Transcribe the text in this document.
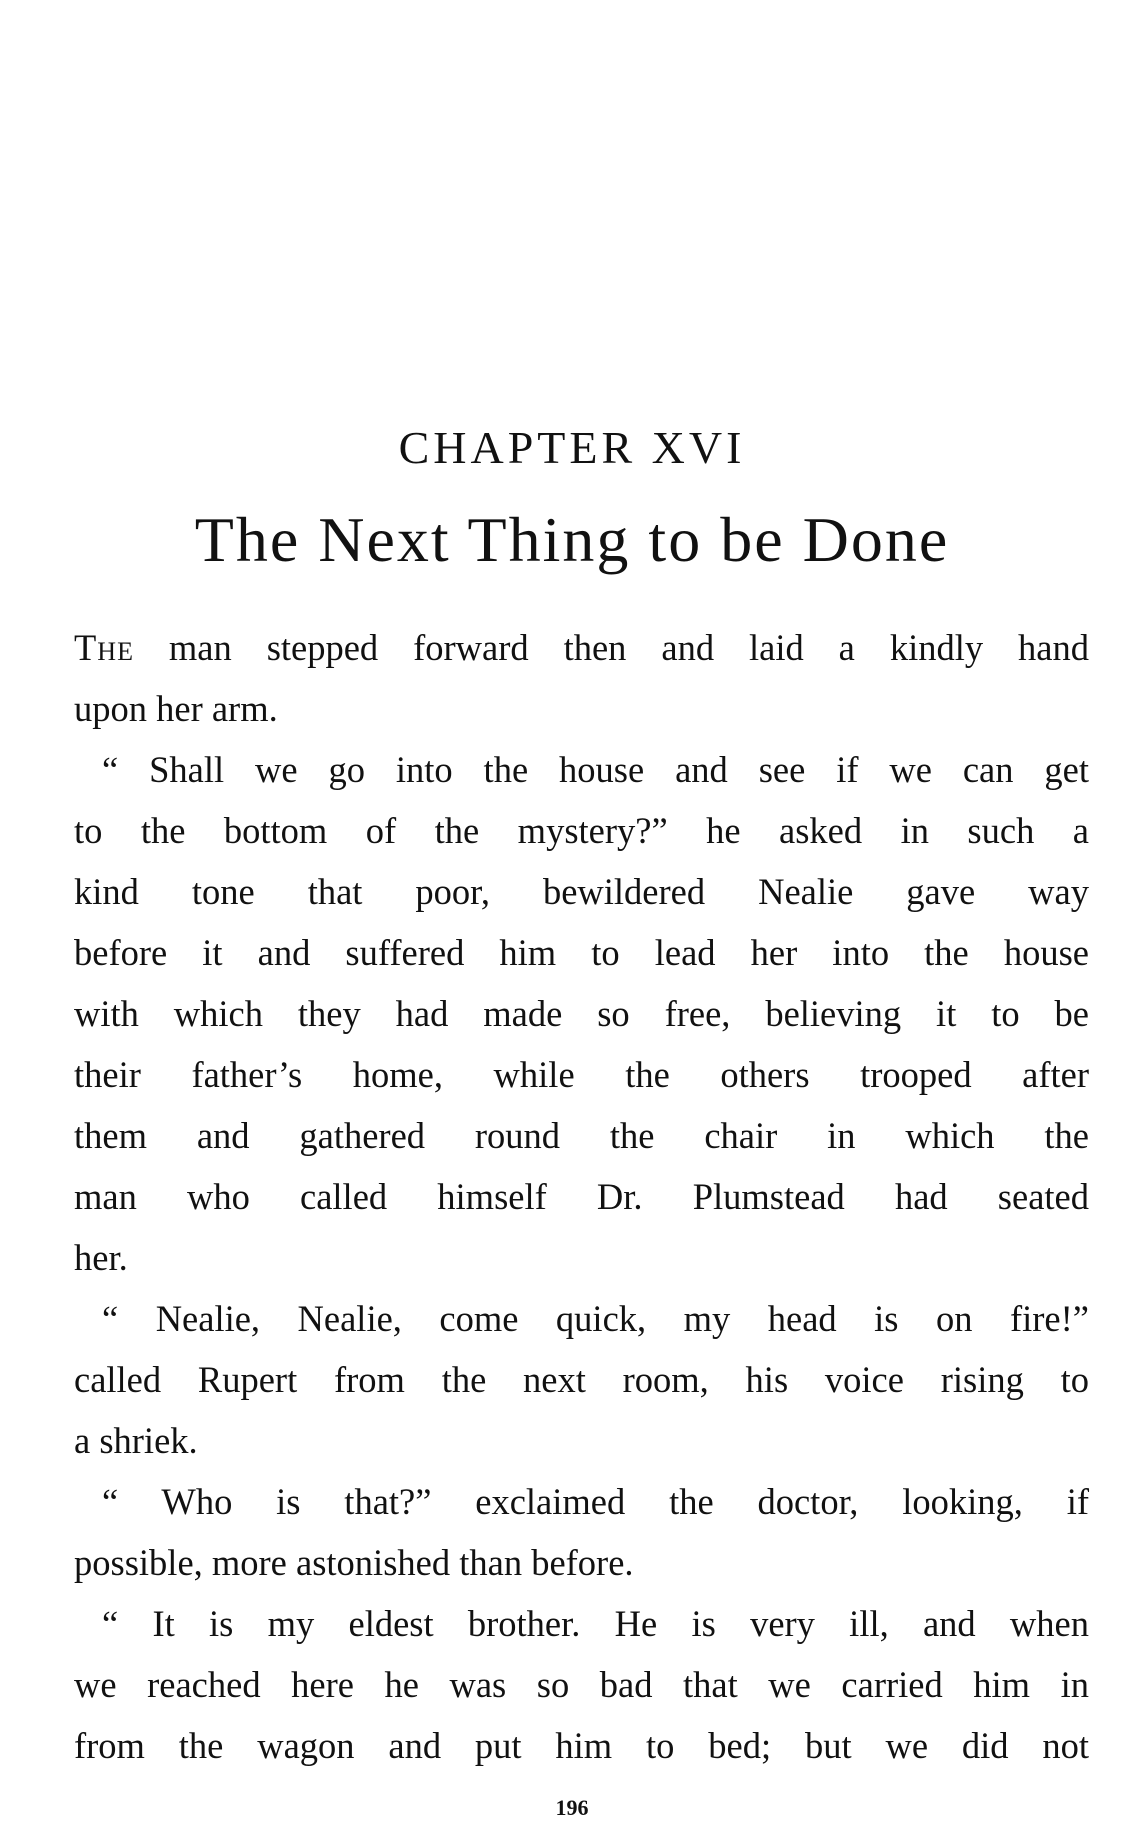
CHAPTER XVI
The Next Thing to be Done
The man stepped forward then and laid a kindly hand
upon her arm.
“ Shall we go into the house and see if we can get
to the bottom of the mystery?” he asked in such a
kind tone that poor, bewildered Nealie gave way
before it and suffered him to lead her into the house
with which they had made so free, believing it to be
their father’s home, while the others trooped after
them and gathered round the chair in which the
man who called himself Dr. Plumstead had seated
her.
“ Nealie, Nealie, come quick, my head is on fire!”
called Rupert from the next room, his voice rising to
a shriek.
“ Who is that?” exclaimed the doctor, looking, if
possible, more astonished than before.
“ It is my eldest brother. He is very ill, and when
we reached here he was so bad that we carried him in
from the wagon and put him to bed; but we did not
196
